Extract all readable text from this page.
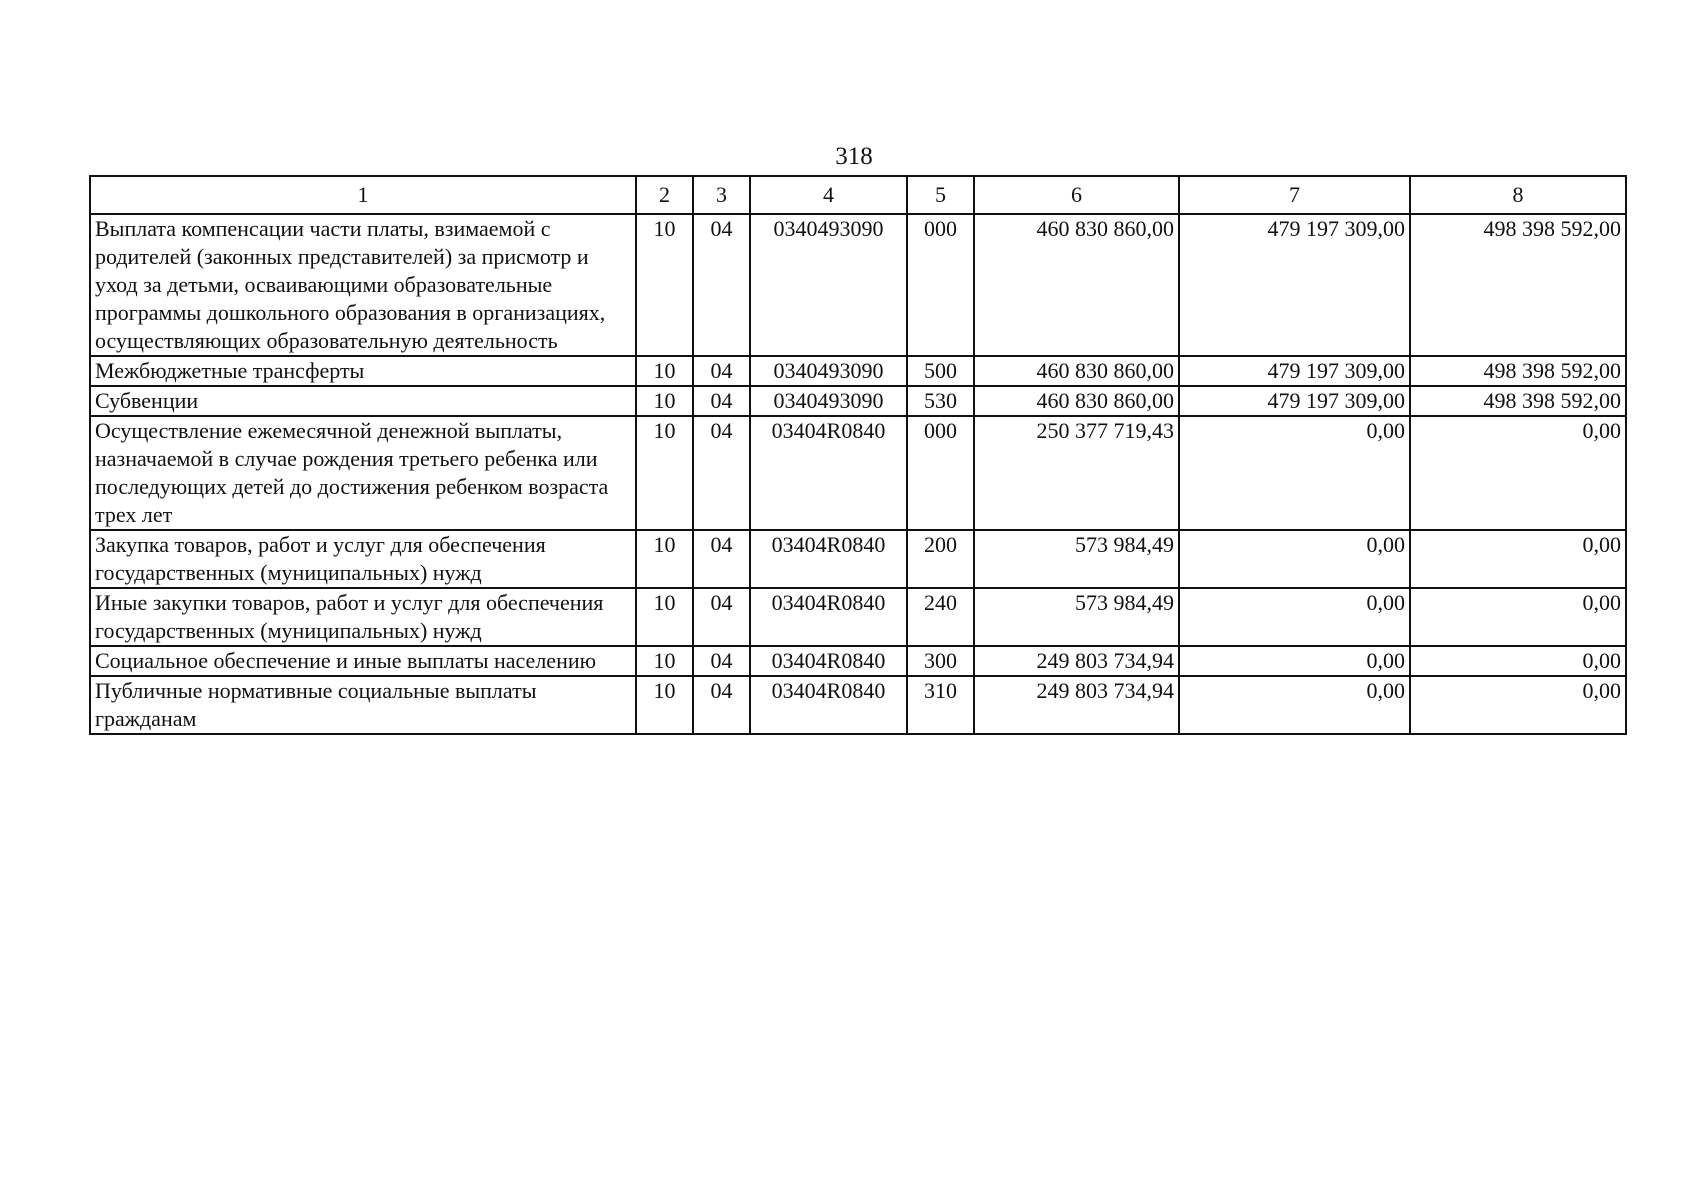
318
1	2	3	4	5	6	7	8
Выплата компенсации части платы, взимаемой с родителей (законных представителей) за присмотр и уход за детьми, осваивающими образовательные программы дошкольного образования в организациях, осуществляющих образовательную деятельность	10	04	0340493090	000	460 830 860,00	479 197 309,00	498 398 592,00
Межбюджетные трансферты	10	04	0340493090	500	460 830 860,00	479 197 309,00	498 398 592,00
Субвенции	10	04	0340493090	530	460 830 860,00	479 197 309,00	498 398 592,00
Осуществление ежемесячной денежной выплаты, назначаемой в случае рождения третьего ребенка или последующих детей до достижения ребенком возраста трех лет	10	04	03404R0840	000	250 377 719,43	0,00	0,00
Закупка товаров, работ и услуг для обеспечения государственных (муниципальных) нужд	10	04	03404R0840	200	573 984,49	0,00	0,00
Иные закупки товаров, работ и услуг для обеспечения государственных (муниципальных) нужд	10	04	03404R0840	240	573 984,49	0,00	0,00
Социальное обеспечение и иные выплаты населению	10	04	03404R0840	300	249 803 734,94	0,00	0,00
Публичные нормативные социальные выплаты гражданам	10	04	03404R0840	310	249 803 734,94	0,00	0,00
